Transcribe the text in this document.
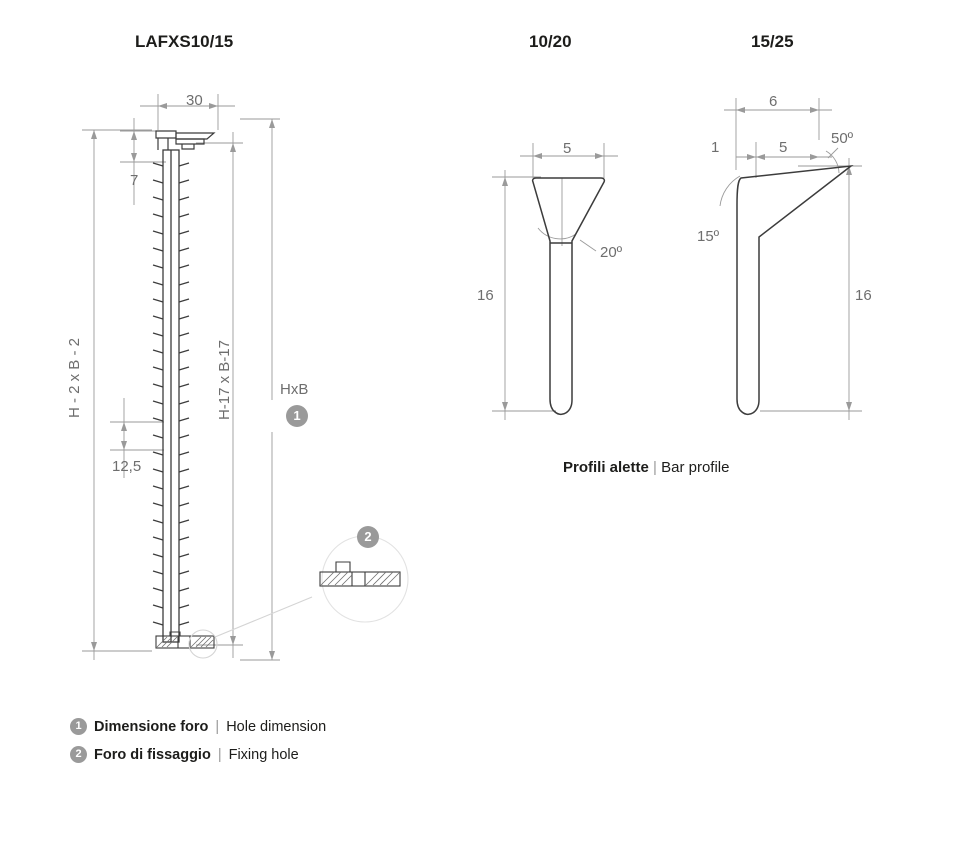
LAFXS10/15	10/20	15/25
30
7
12,5
H - 2 x B - 2	H-17 x B-17	HxB
1
2
5
16
20º
6
1	5
50º
15º
16
Profili alette | Bar profile
1 Dimensione foro | Hole dimension
2 Foro di fissaggio | Fixing hole
